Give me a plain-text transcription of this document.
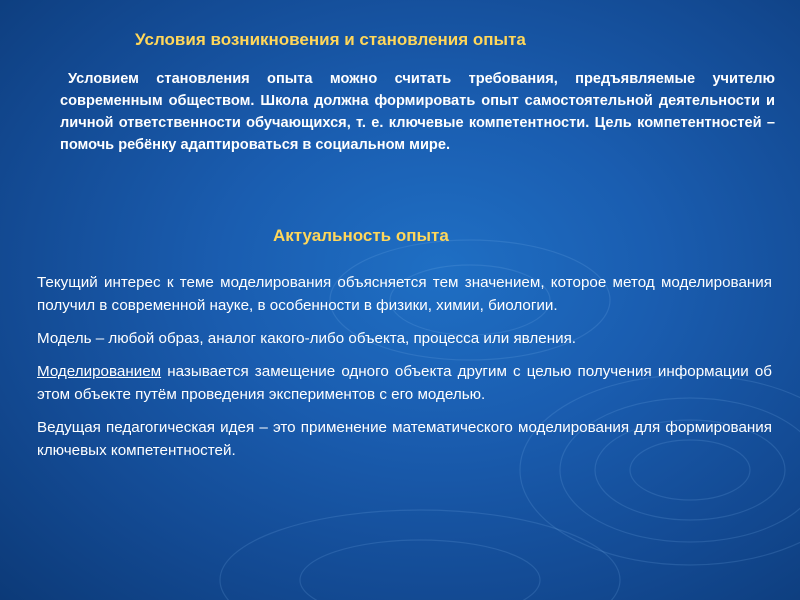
Условия возникновения и становления опыта

Условием становления опыта можно считать требования, предъявляемые учителю современным обществом. Школа должна формировать опыт самостоятельной деятельности и личной ответственности обучающихся, т. е. ключевые компетентности. Цель компетентностей – помочь ребёнку адаптироваться в социальном мире.

Актуальность опыта

Текущий интерес к теме моделирования объясняется тем значением, которое метод моделирования получил в современной науке, в особенности в физики, химии, биологии.

Модель – любой образ, аналог какого-либо объекта, процесса или явления.

Моделированием называется замещение одного объекта другим с целью получения информации об этом объекте путём проведения экспериментов с его моделью.

Ведущая педагогическая идея – это применение математического моделирования для формирования ключевых компетентностей.
